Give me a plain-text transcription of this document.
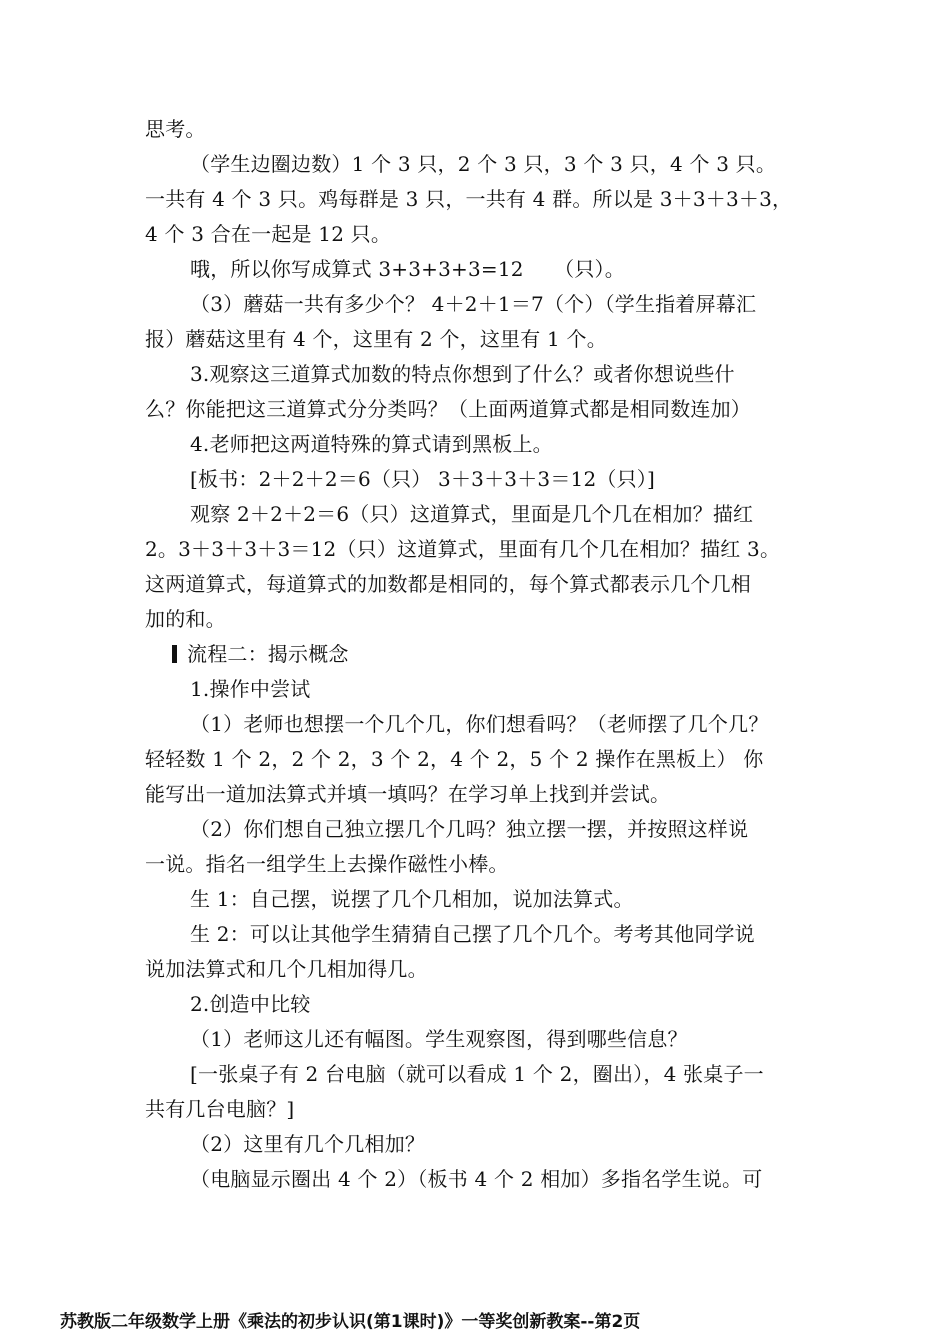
思考。
（学生边圈边数）1 个 3 只，2 个 3 只，3 个 3 只，4 个 3 只。
一共有 4 个 3 只。鸡每群是 3 只，一共有 4 群。所以是 3＋3＋3＋3，
4 个 3 合在一起是 12 只。
哦，所以你写成算式 3+3+3+3=12　　（只）。
（3）蘑菇一共有多少个？ 4＋2＋1＝7（个）（学生指着屏幕汇
报）蘑菇这里有 4 个，这里有 2 个，这里有 1 个。
3.观察这三道算式加数的特点你想到了什么？或者你想说些什
么？你能把这三道算式分分类吗？（上面两道算式都是相同数连加）
4.老师把这两道特殊的算式请到黑板上。
[板书：2＋2＋2＝6（只） 3＋3＋3＋3＝12（只）]
观察 2＋2＋2＝6（只）这道算式，里面是几个几在相加？描红
2。3＋3＋3＋3＝12（只）这道算式，里面有几个几在相加？描红 3。
这两道算式，每道算式的加数都是相同的，每个算式都表示几个几相
加的和。
流程二：揭示概念
1.操作中尝试
（1）老师也想摆一个几个几，你们想看吗？（老师摆了几个几？
轻轻数 1 个 2，2 个 2，3 个 2，4 个 2，5 个 2 操作在黑板上） 你
能写出一道加法算式并填一填吗？在学习单上找到并尝试。
（2）你们想自己独立摆几个几吗？独立摆一摆，并按照这样说
一说。指名一组学生上去操作磁性小棒。
生 1：自己摆，说摆了几个几相加，说加法算式。
生 2：可以让其他学生猜猜自己摆了几个几个。考考其他同学说
说加法算式和几个几相加得几。
2.创造中比较
（1）老师这儿还有幅图。学生观察图，得到哪些信息？
[一张桌子有 2 台电脑（就可以看成 1 个 2，圈出），4 张桌子一
共有几台电脑？]
（2）这里有几个几相加？
（电脑显示圈出 4 个 2）（板书 4 个 2 相加）多指名学生说。可
苏教版二年级数学上册《乘法的初步认识(第1课时)》一等奖创新教案--第2页
